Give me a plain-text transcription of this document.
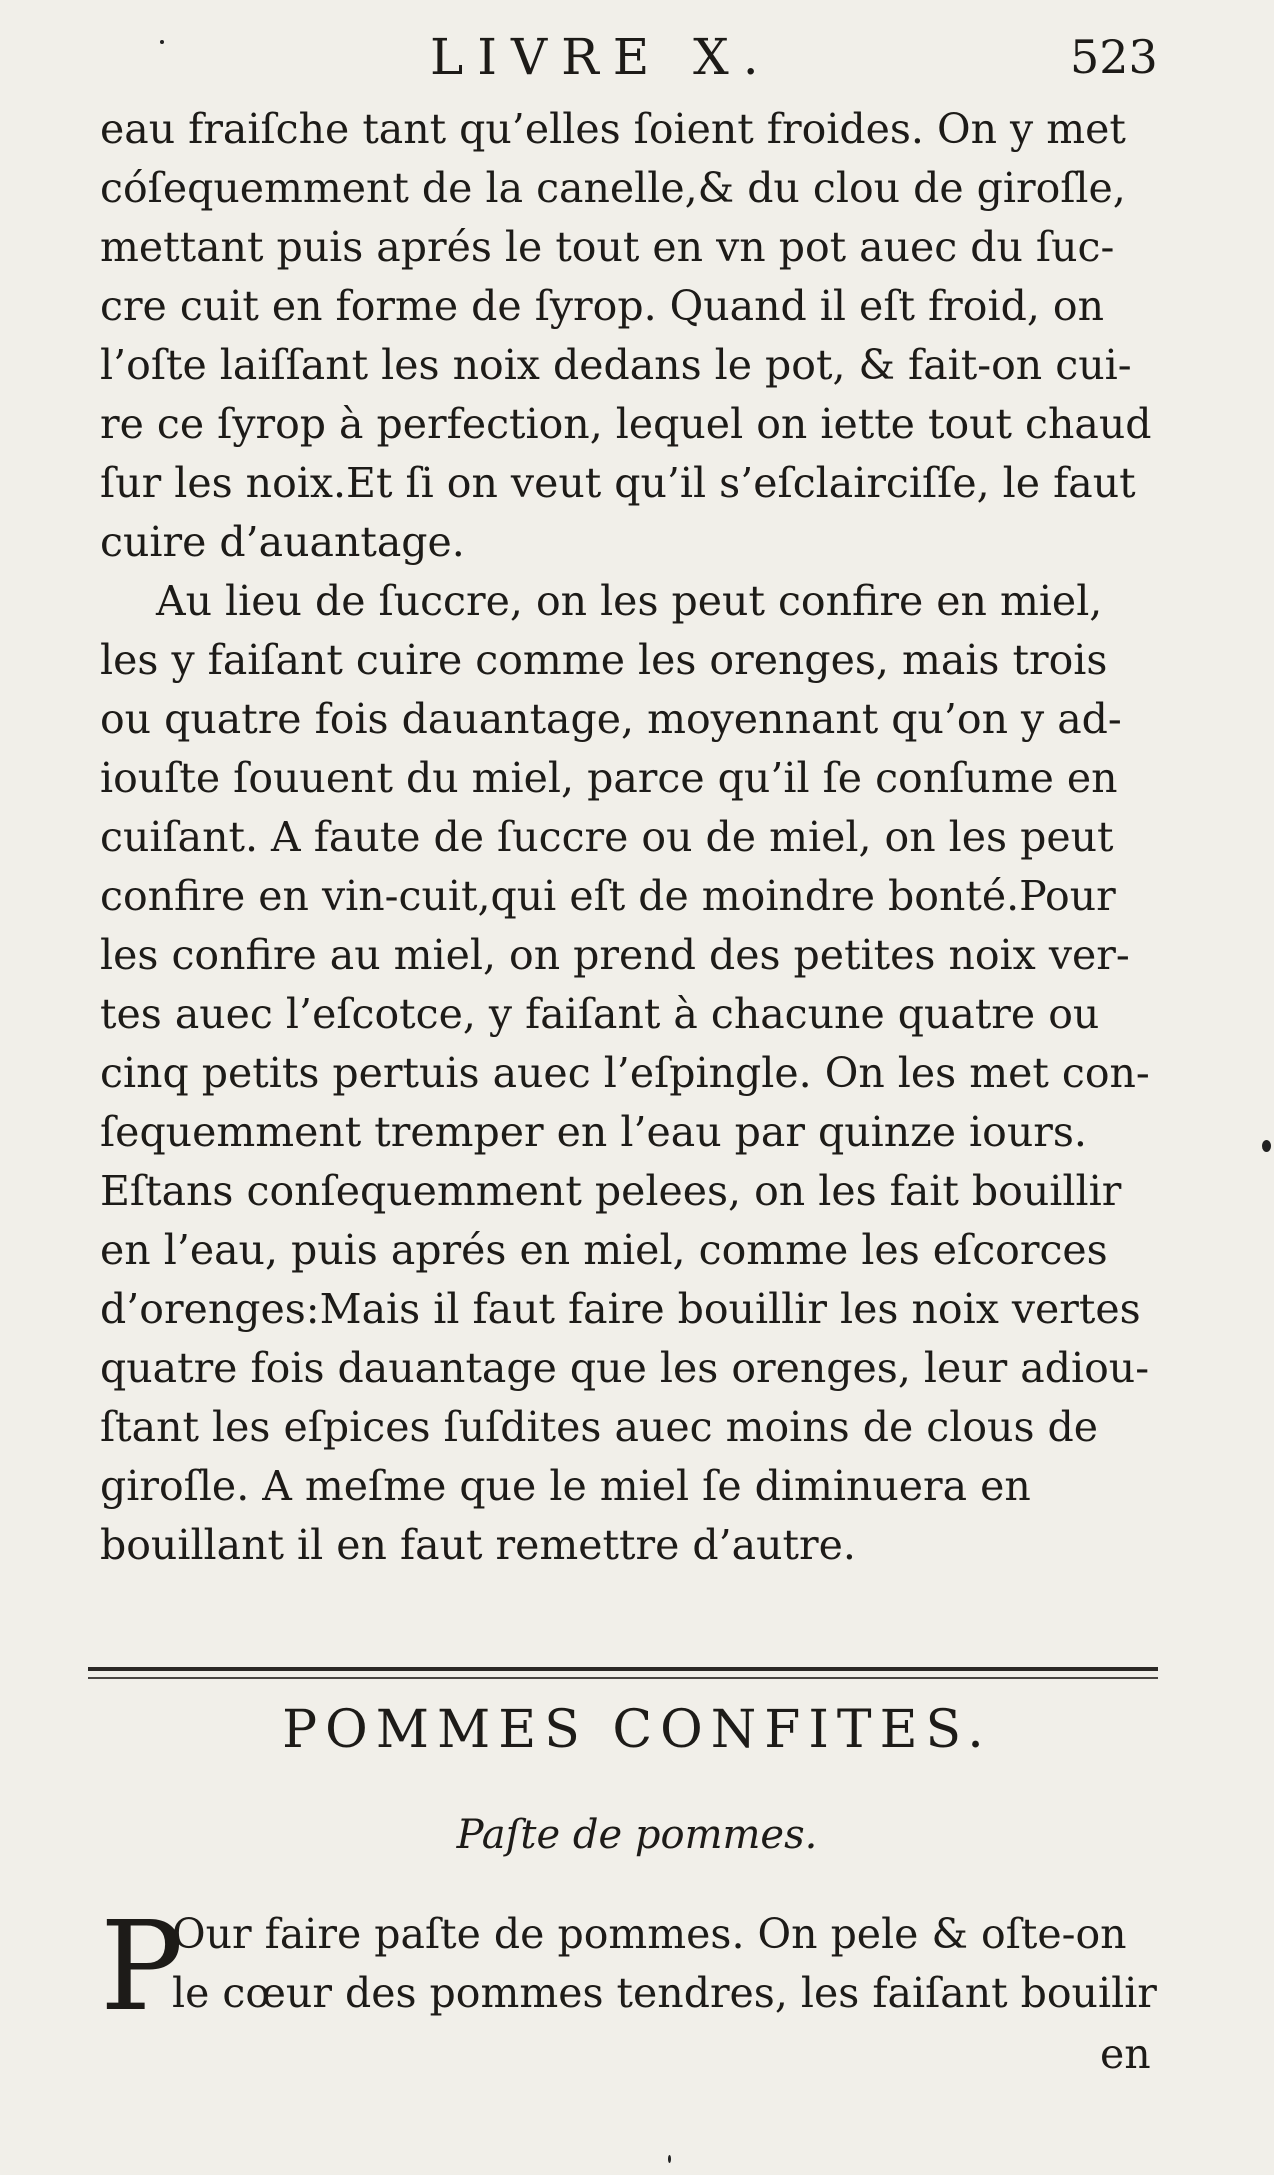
LIVRE X.	523
eau fraiſche tant qu’elles ſoient froides. On y met
cóſequemment de la canelle,& du clou de giroſle,
mettant puis aprés le tout en vn pot auec du ſuc-
cre cuit en forme de ſyrop. Quand il eſt froid, on
l’oſte laiſſant les noix dedans le pot, & fait-on cui-
re ce ſyrop à perfection, lequel on iette tout chaud
ſur les noix.Et ſi on veut qu’il s’eſclairciſſe, le faut
cuire d’auantage.
Au lieu de ſuccre, on les peut confire en miel,
les y faiſant cuire comme les orenges, mais trois
ou quatre fois dauantage, moyennant qu’on y ad-
iouſte ſouuent du miel, parce qu’il ſe conſume en
cuiſant. A faute de ſuccre ou de miel, on les peut
confire en vin-cuit,qui eſt de moindre bonté.Pour
les confire au miel, on prend des petites noix ver-
tes auec l’eſcotce, y faiſant à chacune quatre ou
cinq petits pertuis auec l’eſpingle. On les met con-
ſequemment tremper en l’eau par quinze iours.
Eſtans conſequemment pelees, on les fait bouillir
en l’eau, puis aprés en miel, comme les eſcorces
d’orenges:Mais il faut faire bouillir les noix vertes
quatre fois dauantage que les orenges, leur adiou-
ſtant les eſpices ſuſdites auec moins de clous de
giroſle. A meſme que le miel ſe diminuera en
bouillant il en faut remettre d’autre.
POMMES CONFITES.
Paſte de pommes.
P
Our faire paſte de pommes. On pele & oſte-on
le cœur des pommes tendres, les faiſant bouilir
en
